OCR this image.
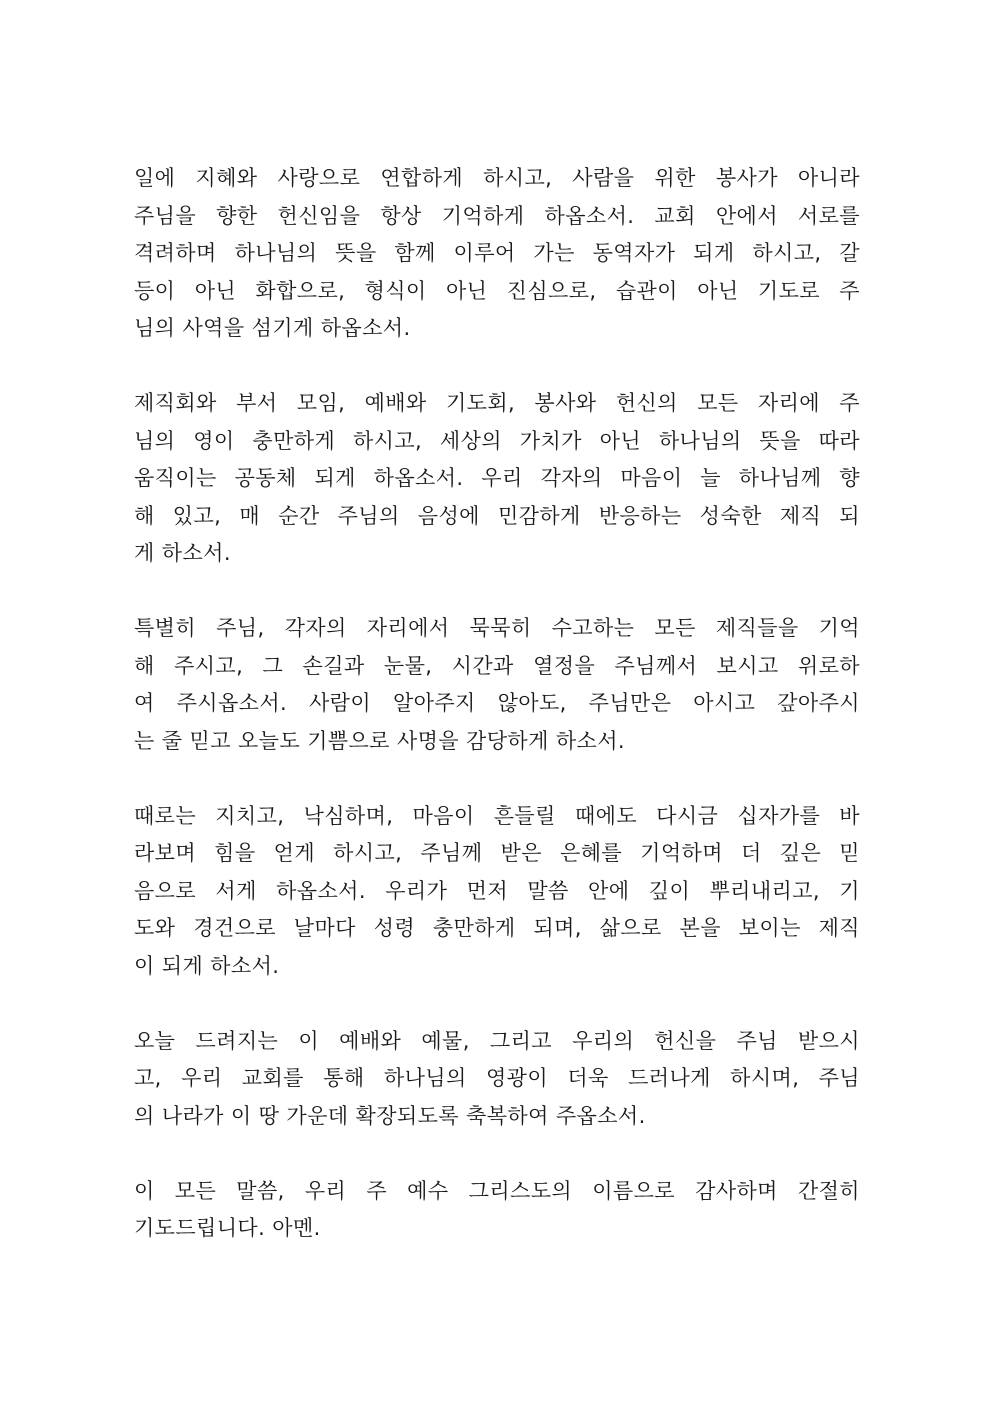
일에 지혜와 사랑으로 연합하게 하시고, 사람을 위한 봉사가 아니라
주님을 향한 헌신임을 항상 기억하게 하옵소서. 교회 안에서 서로를
격려하며 하나님의 뜻을 함께 이루어 가는 동역자가 되게 하시고, 갈
등이 아닌 화합으로, 형식이 아닌 진심으로, 습관이 아닌 기도로 주
님의 사역을 섬기게 하옵소서.

제직회와 부서 모임, 예배와 기도회, 봉사와 헌신의 모든 자리에 주
님의 영이 충만하게 하시고, 세상의 가치가 아닌 하나님의 뜻을 따라
움직이는 공동체 되게 하옵소서. 우리 각자의 마음이 늘 하나님께 향
해 있고, 매 순간 주님의 음성에 민감하게 반응하는 성숙한 제직 되
게 하소서.

특별히 주님, 각자의 자리에서 묵묵히 수고하는 모든 제직들을 기억
해 주시고, 그 손길과 눈물, 시간과 열정을 주님께서 보시고 위로하
여 주시옵소서. 사람이 알아주지 않아도, 주님만은 아시고 갚아주시
는 줄 믿고 오늘도 기쁨으로 사명을 감당하게 하소서.

때로는 지치고, 낙심하며, 마음이 흔들릴 때에도 다시금 십자가를 바
라보며 힘을 얻게 하시고, 주님께 받은 은혜를 기억하며 더 깊은 믿
음으로 서게 하옵소서. 우리가 먼저 말씀 안에 깊이 뿌리내리고, 기
도와 경건으로 날마다 성령 충만하게 되며, 삶으로 본을 보이는 제직
이 되게 하소서.

오늘 드려지는 이 예배와 예물, 그리고 우리의 헌신을 주님 받으시
고, 우리 교회를 통해 하나님의 영광이 더욱 드러나게 하시며, 주님
의 나라가 이 땅 가운데 확장되도록 축복하여 주옵소서.

이 모든 말씀, 우리 주 예수 그리스도의 이름으로 감사하며 간절히
기도드립니다. 아멘.
